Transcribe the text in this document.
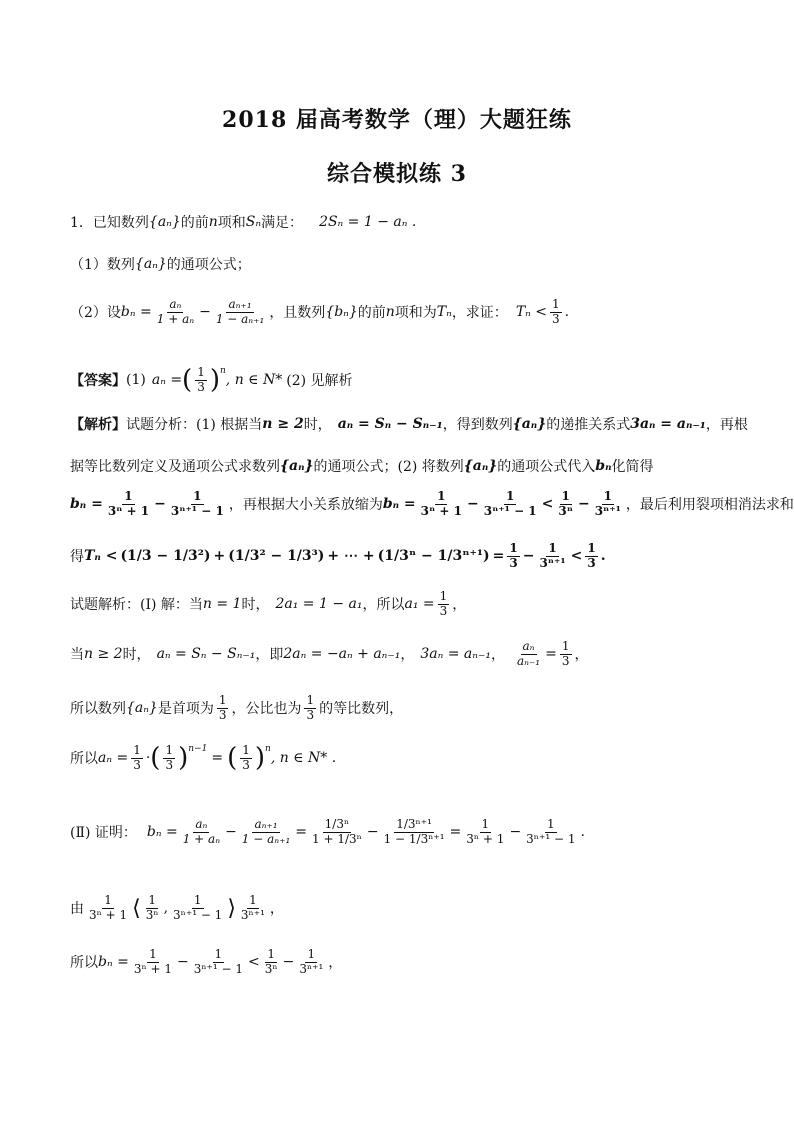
2018 届高考数学（理）大题狂练
综合模拟练 3
1．已知数列 {aₙ} 的前 n 项和 Sₙ 满足： 2Sₙ = 1 − aₙ .
（1）数列 {aₙ} 的通项公式；
（2）设 $b_n = \frac{\text{aₙ}}{\text{1 + aₙ}} - \frac{\text{aₙ₊₁}}{\text{1 − aₙ₊₁}}$ ，且数列 {bₙ} 的前 n 项和为 Tₙ ，求证： $T_n < \frac{1}{3}$ .
【答案】 (1) aₙ = ( $\frac{1}{3}$ ) n
, n ∈ N* (2) 见解析
【解析】 试题分析：(1) 根据当 n ≥ 2 时， aₙ = Sₙ − Sₙ₋₁ ，得到数列 {aₙ} 的递推关系式 3aₙ = aₙ₋₁ ，再根
据等比数列定义及通项公式求数列 {aₙ} 的通项公式；(2) 将数列 {aₙ} 的通项公式代入 bₙ 化简得
$b_n = \frac{1}{\text{3ⁿ + 1}} - \frac{1}{\text{3ⁿ⁺¹ − 1}}$ ，再根据大小关系放缩为 $b_n = \frac{1}{\text{3ⁿ + 1}} - \frac{1}{\text{3ⁿ⁺¹ − 1}} < \frac{1}{\text{3ⁿ}} - \frac{1}{\text{3ⁿ⁺¹}}$ ，最后利用裂项相消法求和
得 Tₙ < (1/3 − 1/3²) + (1/3² − 1/3³) + ⋯ + $(1/3^n - 1/3^{n+1}) = \frac{1}{3} - \frac{1}{\text{3ⁿ⁺¹}} < \frac{1}{3}$ .
试题解析：(Ⅰ) 解：当 n = 1 时， 2a₁ = 1 − a₁ ，所以 $a_1 = \frac{1}{3}$ ，
当 n ≥ 2 时， aₙ = Sₙ − Sₙ₋₁ ，即 2aₙ = −aₙ + aₙ₋₁ ， 3aₙ = aₙ₋₁ ， $\frac{\text{aₙ}}{\text{aₙ₋₁}} = \frac{1}{3}$ ，
所以数列 {aₙ} 是首项为 $\frac{1}{3}$ ，公比也为 $\frac{1}{3}$ 的等比数列，
所以 $a_n = \frac{1}{3}$ · ( $\frac{1}{3}$ ) n−1
= ( $\frac{1}{3}$ ) n
, n ∈ N* .
(Ⅱ) 证明： $b_n = \frac{\text{aₙ}}{\text{1 + aₙ}} - \frac{\text{aₙ₊₁}}{\text{1 − aₙ₊₁}} = \frac{\text{1/3ⁿ}}{\text{1 + 1/3ⁿ}} - \frac{\text{1/3ⁿ⁺¹}}{\text{1 − 1/3ⁿ⁺¹}} = \frac{1}{\text{3ⁿ + 1}} - \frac{1}{\text{3ⁿ⁺¹ − 1}}$ .
由 $\frac{1}{\text{3ⁿ + 1}}$ ⟨ $\frac{1}{\text{3ⁿ}}$ , $\frac{1}{\text{3ⁿ⁺¹ − 1}}$ ⟩ $\frac{1}{\text{3ⁿ⁺¹}}$ ，
所以 $b_n = \frac{1}{\text{3ⁿ + 1}} - \frac{1}{\text{3ⁿ⁺¹ − 1}} < \frac{1}{\text{3ⁿ}} - \frac{1}{\text{3ⁿ⁺¹}}$ ，
